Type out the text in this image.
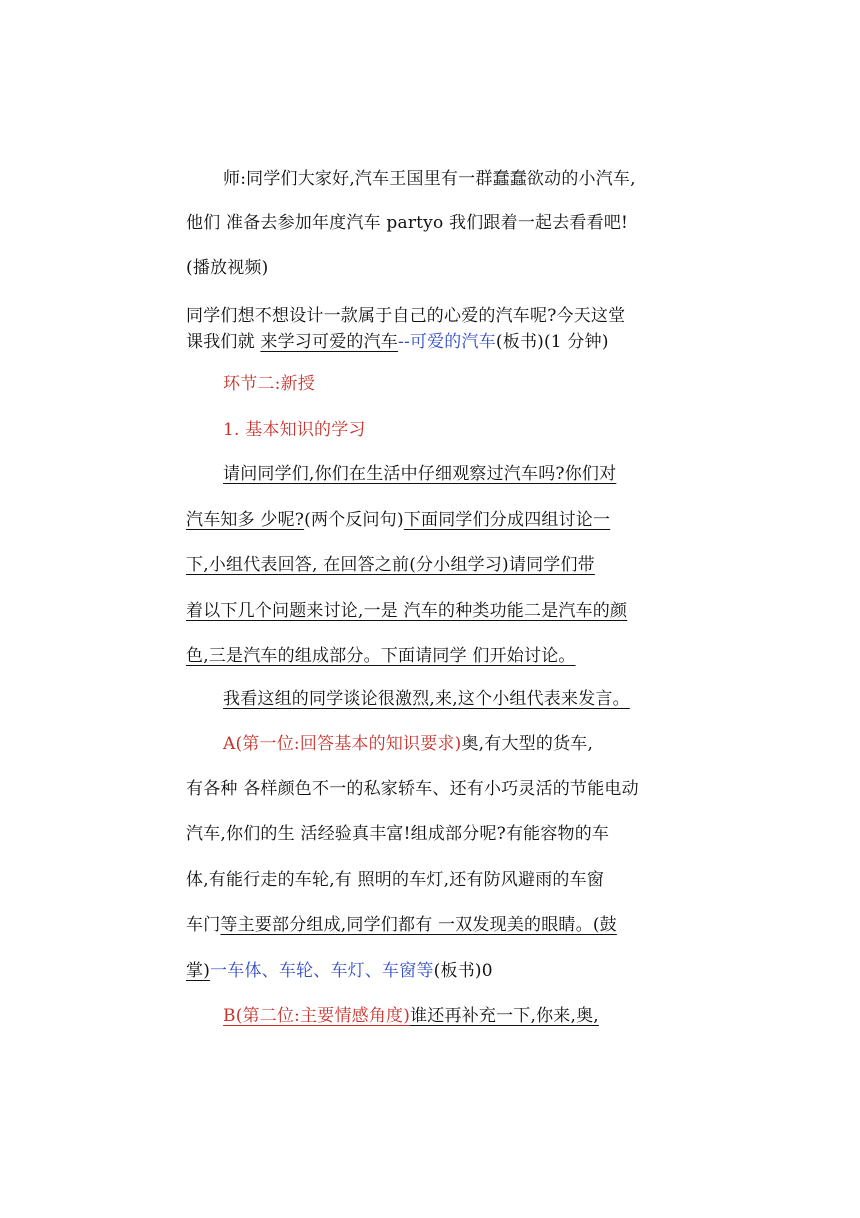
师:同学们大家好,汽车王国里有一群蠢蠢欲动的小汽车,
他们 准备去参加年度汽车 partyo 我们跟着一起去看看吧!
(播放视频)
同学们想不想设计一款属于自己的心爱的汽车呢?今天这堂
课我们就 来学习可爱的汽车--可爱的汽车(板书)(1 分钟)
环节二:新授
1. 基本知识的学习
请问同学们,你们在生活中仔细观察过汽车吗?你们对
汽车知多 少呢?(两个反问句)下面同学们分成四组讨论一
下,小组代表回答, 在回答之前(分小组学习)请同学们带
着以下几个问题来讨论,一是 汽车的种类功能二是汽车的颜
色,三是汽车的组成部分。下面请同学 们开始讨论。
我看这组的同学谈论很激烈,来,这个小组代表来发言。
A(第一位:回答基本的知识要求)奥,有大型的货车,
有各种 各样颜色不一的私家轿车、还有小巧灵活的节能电动
汽车,你们的生 活经验真丰富!组成部分呢?有能容物的车
体,有能行走的车轮,有 照明的车灯,还有防风避雨的车窗
车门等主要部分组成,同学们都有 一双发现美的眼睛。(鼓
掌)一车体、车轮、车灯、车窗等(板书)0
B(第二位:主要情感角度)谁还再补充一下,你来,奥,
